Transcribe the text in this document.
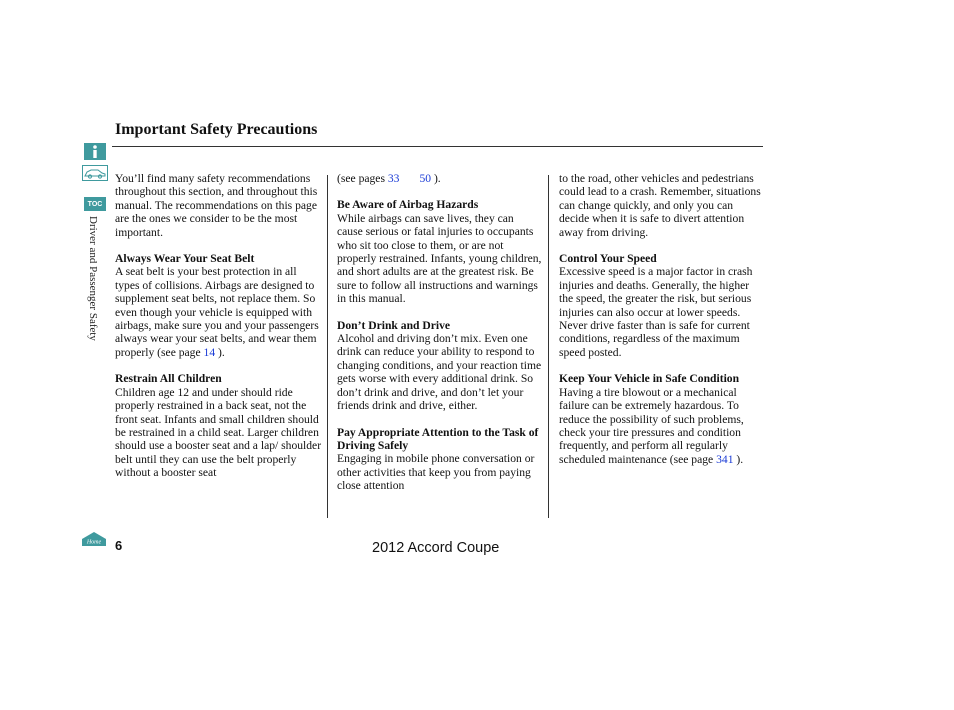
Important Safety Precautions
TOC
Driver and Passenger Safety

You’ll find many safety recommendations throughout this section, and throughout this manual. The recommendations on this page are the ones we consider to be the most important.

Always Wear Your Seat Belt

A seat belt is your best protection in all types of collisions. Airbags are designed to supplement seat belts, not replace them. So even though your vehicle is equipped with airbags, make sure you and your passengers always wear your seat belts, and wear them properly (see page 14 ).

Restrain All Children

Children age 12 and under should ride properly restrained in a back seat, not the front seat. Infants and small children should be restrained in a child seat. Larger children should use a booster seat and a lap/ shoulder belt until they can use the belt properly without a booster seat

(see pages 33 50 ).

Be Aware of Airbag Hazards

While airbags can save lives, they can cause serious or fatal injuries to occupants who sit too close to them, or are not properly restrained. Infants, young children, and short adults are at the greatest risk. Be sure to follow all instructions and warnings in this manual.

Don’t Drink and Drive

Alcohol and driving don’t mix. Even one drink can reduce your ability to respond to changing conditions, and your reaction time gets worse with every additional drink. So don’t drink and drive, and don’t let your friends drink and drive, either.

Pay Appropriate Attention to the Task of Driving Safely

Engaging in mobile phone conversation or other activities that keep you from paying close attention

to the road, other vehicles and pedestrians could lead to a crash. Remember, situations can change quickly, and only you can decide when it is safe to divert attention away from driving.

Control Your Speed

Excessive speed is a major factor in crash injuries and deaths. Generally, the higher the speed, the greater the risk, but serious injuries can also occur at lower speeds. Never drive faster than is safe for current conditions, regardless of the maximum speed posted.

Keep Your Vehicle in Safe Condition

Having a tire blowout or a mechanical failure can be extremely hazardous. To reduce the possibility of such problems, check your tire pressures and condition frequently, and perform all regularly scheduled maintenance (see page 341 ).

Home 6	2012 Accord Coupe
